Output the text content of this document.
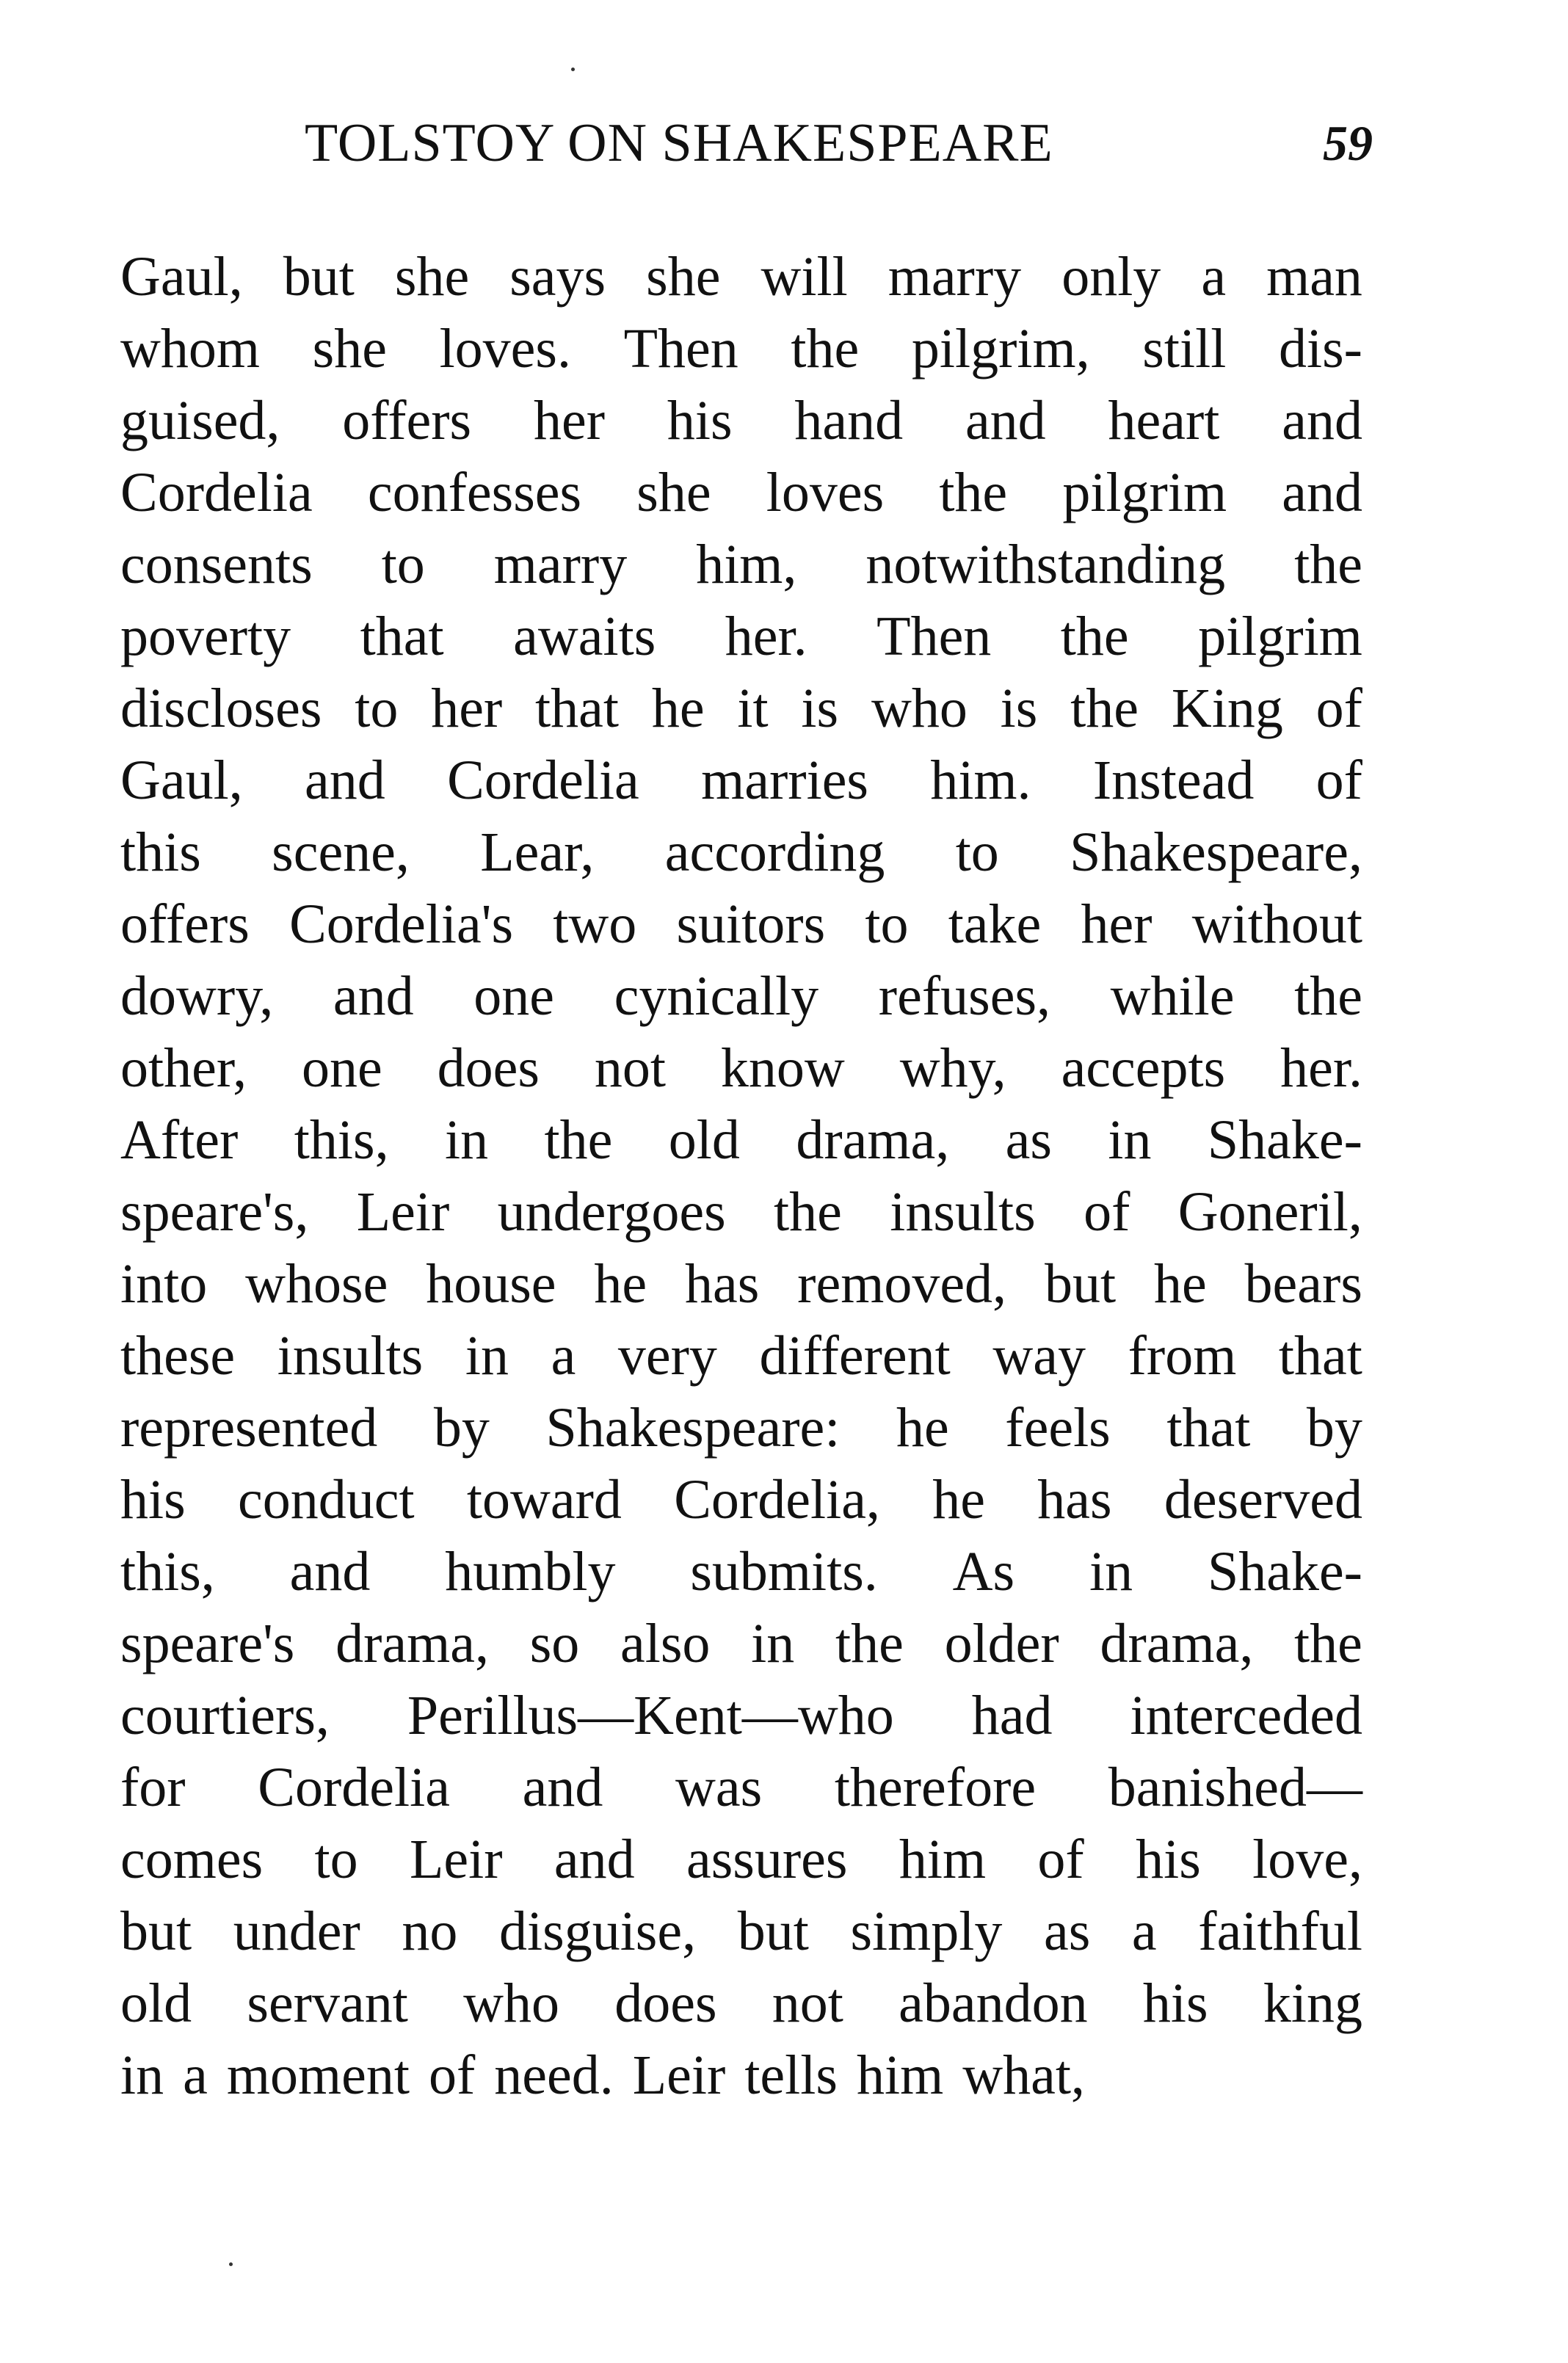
TOLSTOY ON SHAKESPEARE	59
Gaul, but she says she will marry only a man
whom she loves. Then the pilgrim, still dis-
guised, offers her his hand and heart and
Cordelia confesses she loves the pilgrim and
consents to marry him, notwithstanding the
poverty that awaits her. Then the pilgrim
discloses to her that he it is who is the King of
Gaul, and Cordelia marries him. Instead of
this scene, Lear, according to Shakespeare,
offers Cordelia's two suitors to take her without
dowry, and one cynically refuses, while the
other, one does not know why, accepts her.
After this, in the old drama, as in Shake-
speare's, Leir undergoes the insults of Goneril,
into whose house he has removed, but he bears
these insults in a very different way from that
represented by Shakespeare: he feels that by
his conduct toward Cordelia, he has deserved
this, and humbly submits. As in Shake-
speare's drama, so also in the older drama, the
courtiers, Perillus—Kent—who had interceded
for Cordelia and was therefore banished—
comes to Leir and assures him of his love,
but under no disguise, but simply as a faithful
old servant who does not abandon his king
in a moment of need. Leir tells him what,
